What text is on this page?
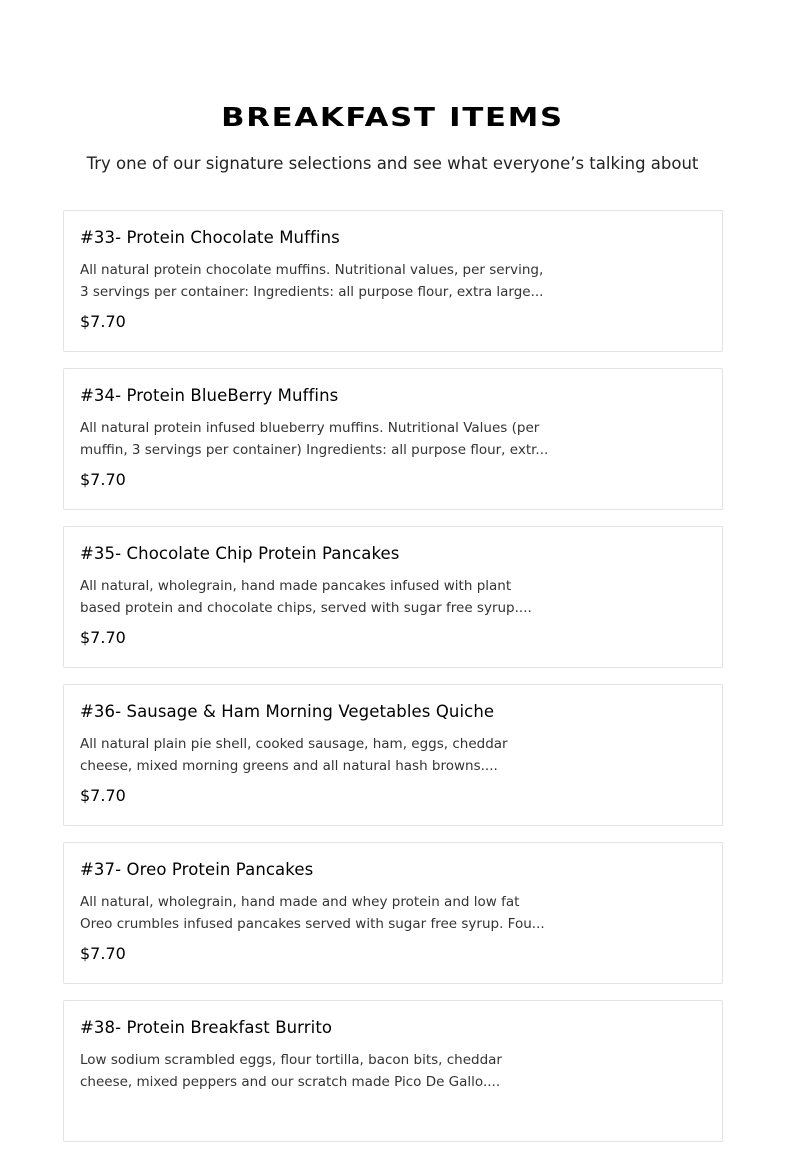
BREAKFAST ITEMS

Try one of our signature selections and see what everyone’s talking about

#33- Protein Chocolate Muffins
All natural protein chocolate muffins. Nutritional values, per serving,
3 servings per container: Ingredients: all purpose flour, extra large...
$7.70
#34- Protein BlueBerry Muffins
All natural protein infused blueberry muffins. Nutritional Values (per
muffin, 3 servings per container) Ingredients: all purpose flour, extr...
$7.70
#35- Chocolate Chip Protein Pancakes
All natural, wholegrain, hand made pancakes infused with plant
based protein and chocolate chips, served with sugar free syrup....
$7.70
#36- Sausage & Ham Morning Vegetables Quiche
All natural plain pie shell, cooked sausage, ham, eggs, cheddar
cheese, mixed morning greens and all natural hash browns....
$7.70
#37- Oreo Protein Pancakes
All natural, wholegrain, hand made and whey protein and low fat
Oreo crumbles infused pancakes served with sugar free syrup. Fou...
$7.70
#38- Protein Breakfast Burrito
Low sodium scrambled eggs, flour tortilla, bacon bits, cheddar
cheese, mixed peppers and our scratch made Pico De Gallo....
